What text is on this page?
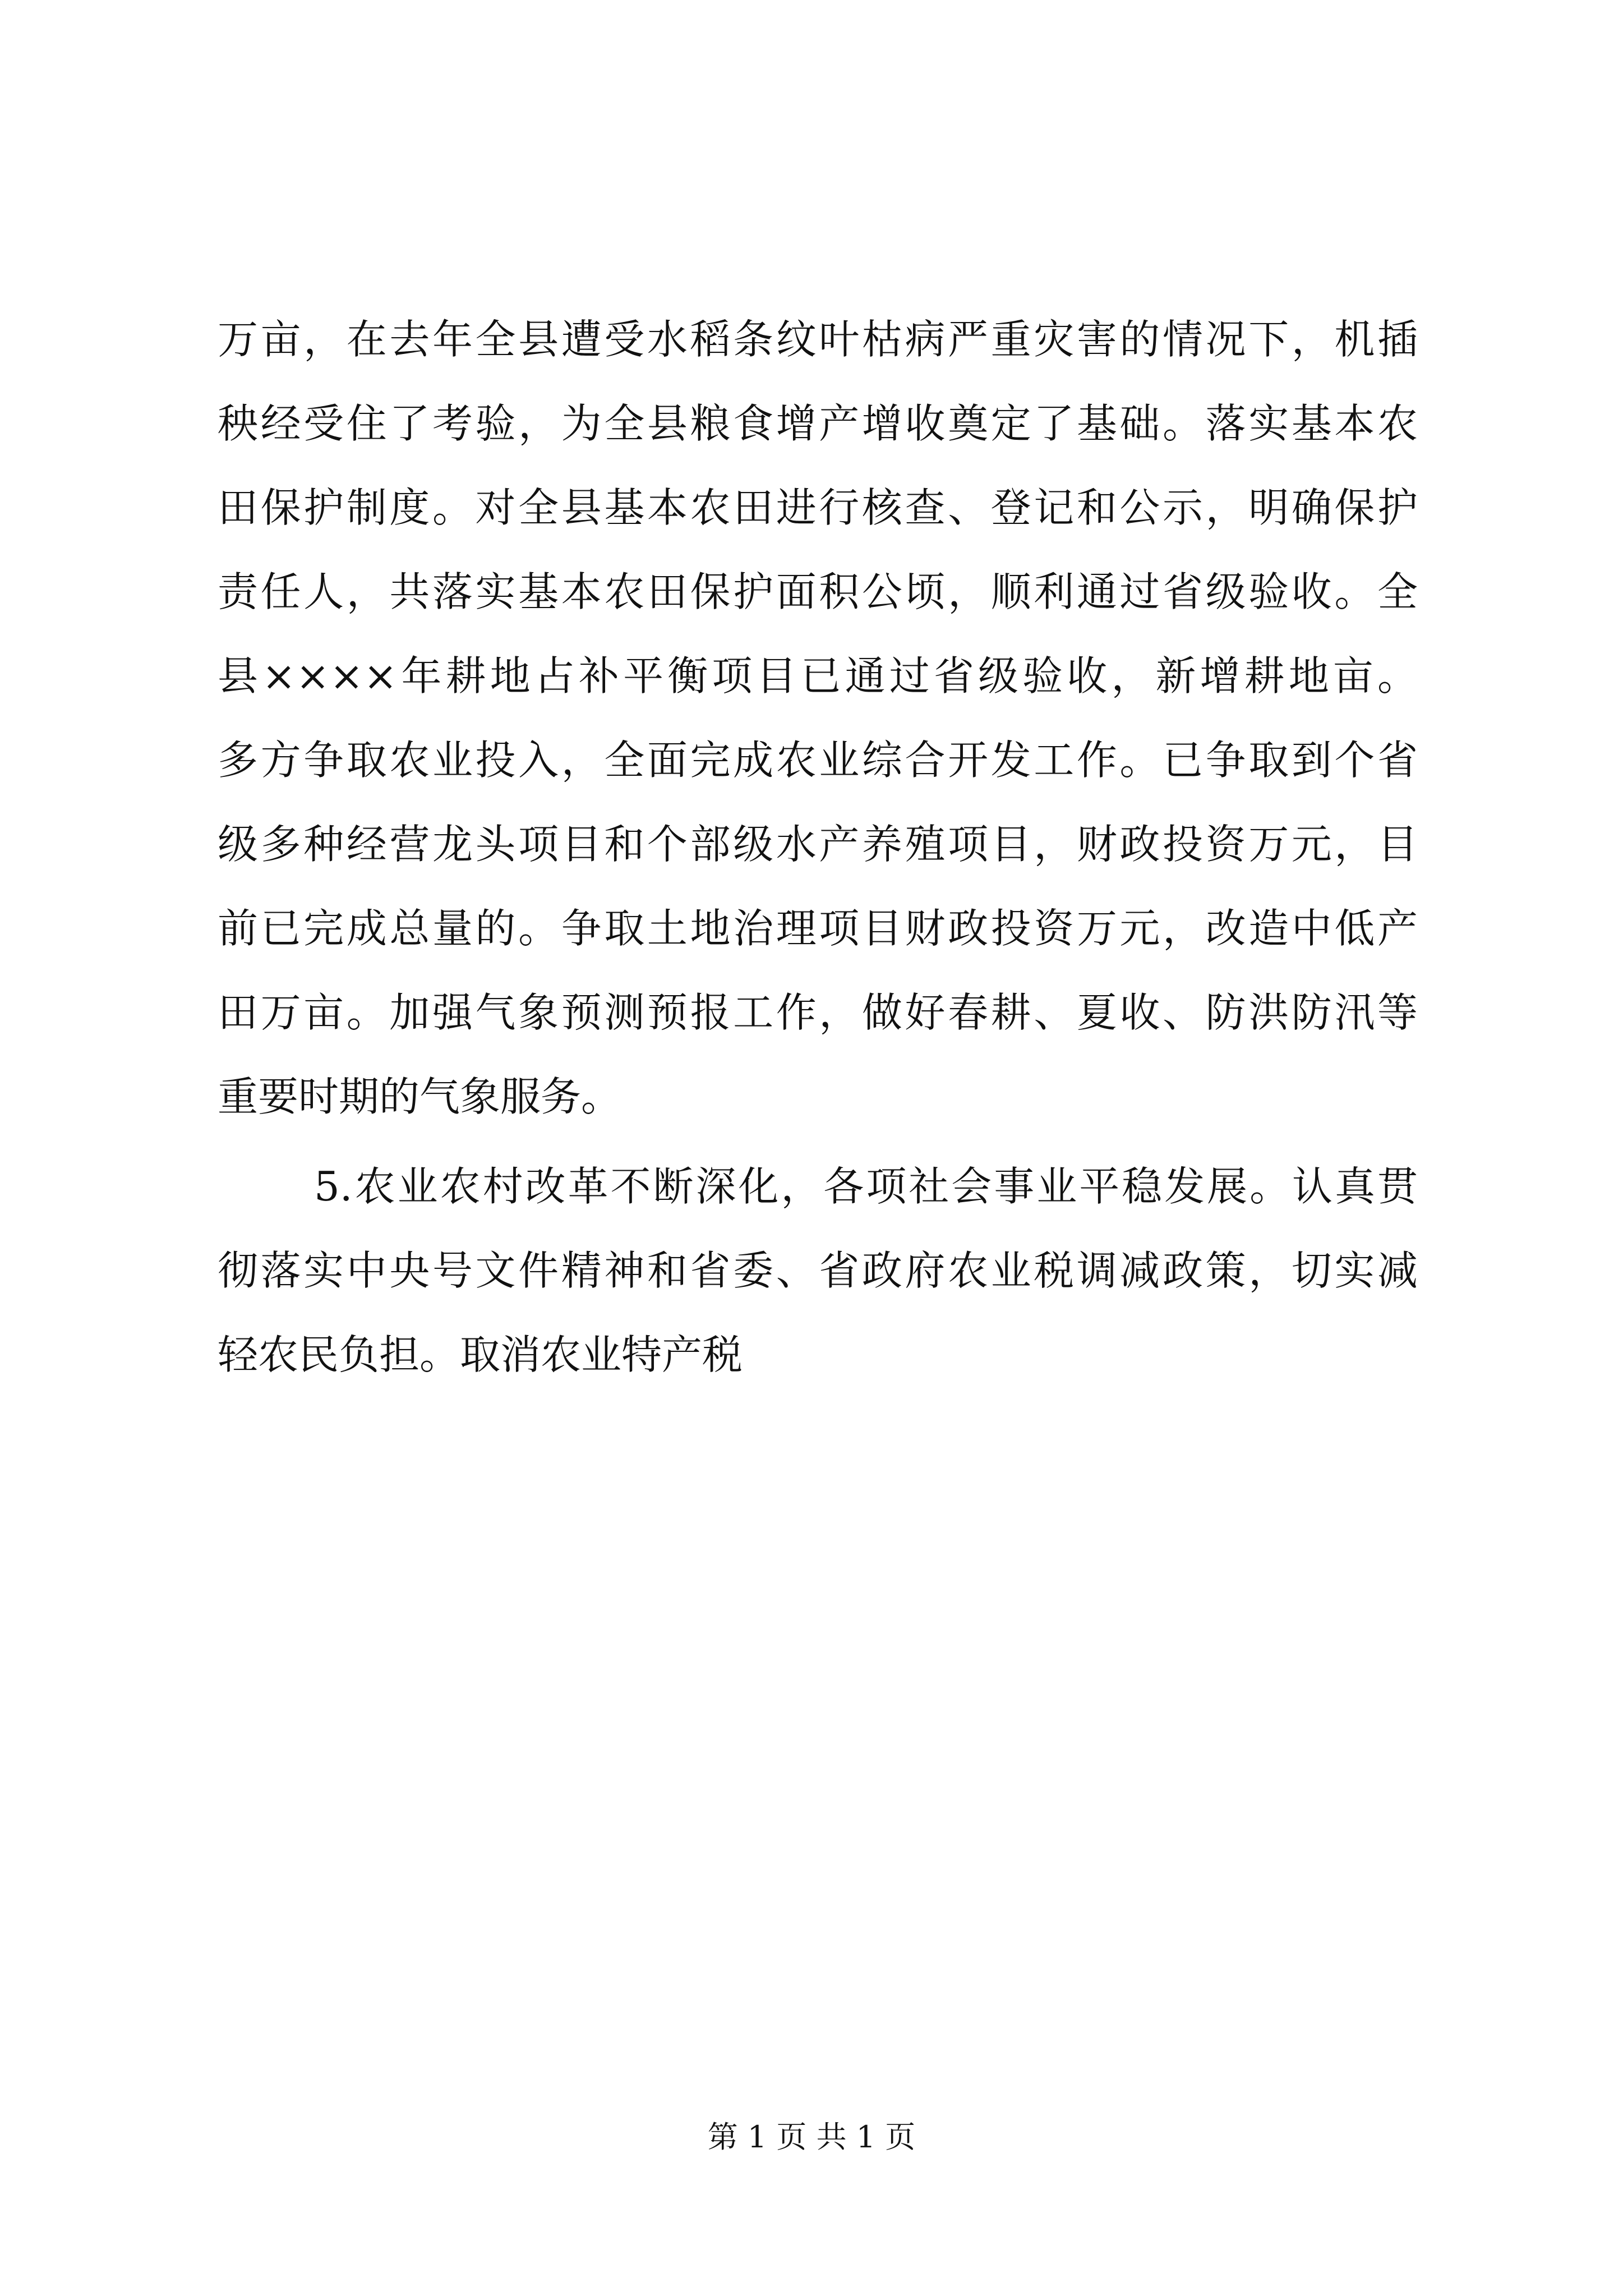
万亩，在去年全县遭受水稻条纹叶枯病严重灾害的情况下，机插
秧经受住了考验，为全县粮食增产增收奠定了基础。落实基本农
田保护制度。对全县基本农田进行核查、登记和公示，明确保护
责任人，共落实基本农田保护面积公顷，顺利通过省级验收。全
县××××年耕地占补平衡项目已通过省级验收，新增耕地亩。
多方争取农业投入，全面完成农业综合开发工作。已争取到个省
级多种经营龙头项目和个部级水产养殖项目，财政投资万元，目
前已完成总量的。争取土地治理项目财政投资万元，改造中低产
田万亩。加强气象预测预报工作，做好春耕、夏收、防洪防汛等
重要时期的气象服务。
5.农业农村改革不断深化，各项社会事业平稳发展。认真贯
彻落实中央号文件精神和省委、省政府农业税调减政策，切实减
轻农民负担。取消农业特产税
第 1 页 共 1 页
